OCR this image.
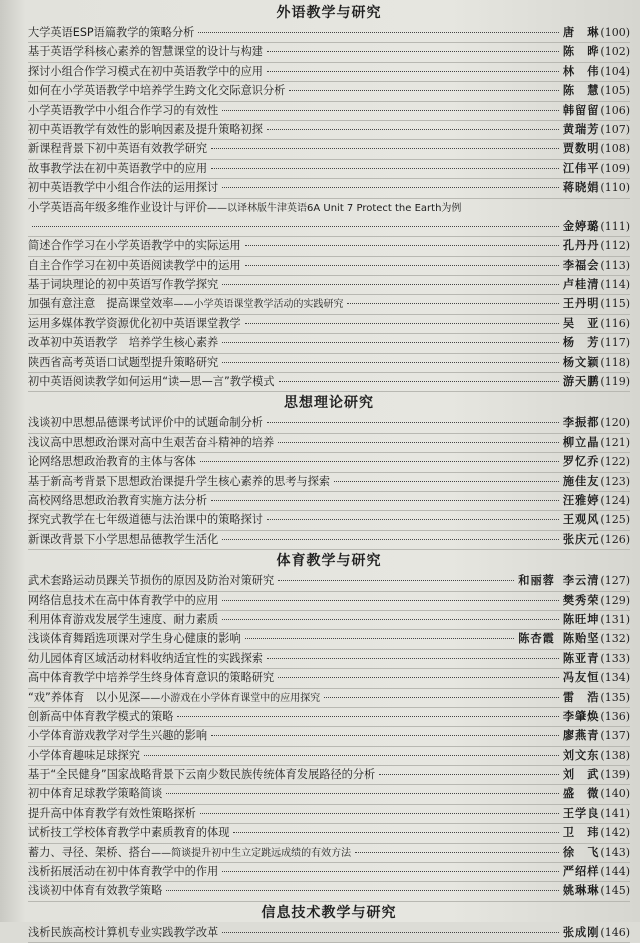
外语教学与研究
大学英语ESP语篇教学的策略分析	唐　琳 (100)
基于英语学科核心素养的智慧课堂的设计与构建	陈　晔 (102)
探讨小组合作学习模式在初中英语教学中的应用	林　伟 (104)
如何在小学英语教学中培养学生跨文化交际意识分析	陈　慧 (105)
小学英语教学中小组合作学习的有效性	韩留留 (106)
初中英语教学有效性的影响因素及提升策略初探	黄瑞芳 (107)
新课程背景下初中英语有效教学研究	贾数明 (108)
故事教学法在初中英语教学中的应用	江伟平 (109)
初中英语教学中小组合作法的运用探讨	蒋晓娟 (110)
小学英语高年级多维作业设计与评价——以译林版牛津英语6A Unit 7 Protect the Earth为例
金婷璐 (111)
简述合作学习在小学英语教学中的实际运用	孔丹丹 (112)
自主合作学习在初中英语阅读教学中的运用	李福会 (113)
基于词块理论的初中英语写作教学探究	卢桂清 (114)
加强有意注意　提高课堂效率——小学英语课堂教学活动的实践研究	王丹明 (115)
运用多媒体教学资源优化初中英语课堂教学	吴　亚 (116)
改革初中英语教学　培养学生核心素养	杨　芳 (117)
陕西省高考英语口试题型提升策略研究	杨文颖 (118)
初中英语阅读教学如何运用“读—思—言”教学模式	游天鹏 (119)
思想理论研究
浅谈初中思想品德课考试评价中的试题命制分析	李振都 (120)
浅议高中思想政治课对高中生艰苦奋斗精神的培养	柳立晶 (121)
论网络思想政治教育的主体与客体	罗忆乔 (122)
基于新高考背景下思想政治课提升学生核心素养的思考与探索	施佳友 (123)
高校网络思想政治教育实施方法分析	汪雅婷 (124)
探究式教学在七年级道德与法治课中的策略探讨	王观风 (125)
新课改背景下小学思想品德教学生活化	张庆元 (126)
体育教学与研究
武术套路运动员踝关节损伤的原因及防治对策研究	和丽蓉 李云清 (127)
网络信息技术在高中体育教学中的应用	樊秀荣 (129)
利用体育游戏发展学生速度、耐力素质	陈旺坤 (131)
浅谈体育舞蹈选项课对学生身心健康的影响	陈杏霞 陈贻坚 (132)
幼儿园体育区域活动材料收纳适宜性的实践探索	陈亚青 (133)
高中体育教学中培养学生终身体育意识的策略研究	冯友恒 (134)
“戏”养体育　以小见深——小游戏在小学体育课堂中的应用探究	雷　浩 (135)
创新高中体育教学模式的策略	李肇焕 (136)
小学体育游戏教学对学生兴趣的影响	廖燕青 (137)
小学体育趣味足球探究	刘文东 (138)
基于“全民健身”国家战略背景下云南少数民族传统体育发展路径的分析	刘　武 (139)
初中体育足球教学策略简谈	盛　微 (140)
提升高中体育教学有效性策略探析	王学良 (141)
试析技工学校体育教学中素质教育的体现	卫　玮 (142)
蓄力、寻径、架桥、搭台——简谈提升初中生立定跳远成绩的有效方法	徐　飞 (143)
浅析拓展活动在初中体育教学中的作用	严绍样 (144)
浅谈初中体育有效教学策略	姚琳琳 (145)
信息技术教学与研究
浅析民族高校计算机专业实践教学改革	张成刚 (146)
